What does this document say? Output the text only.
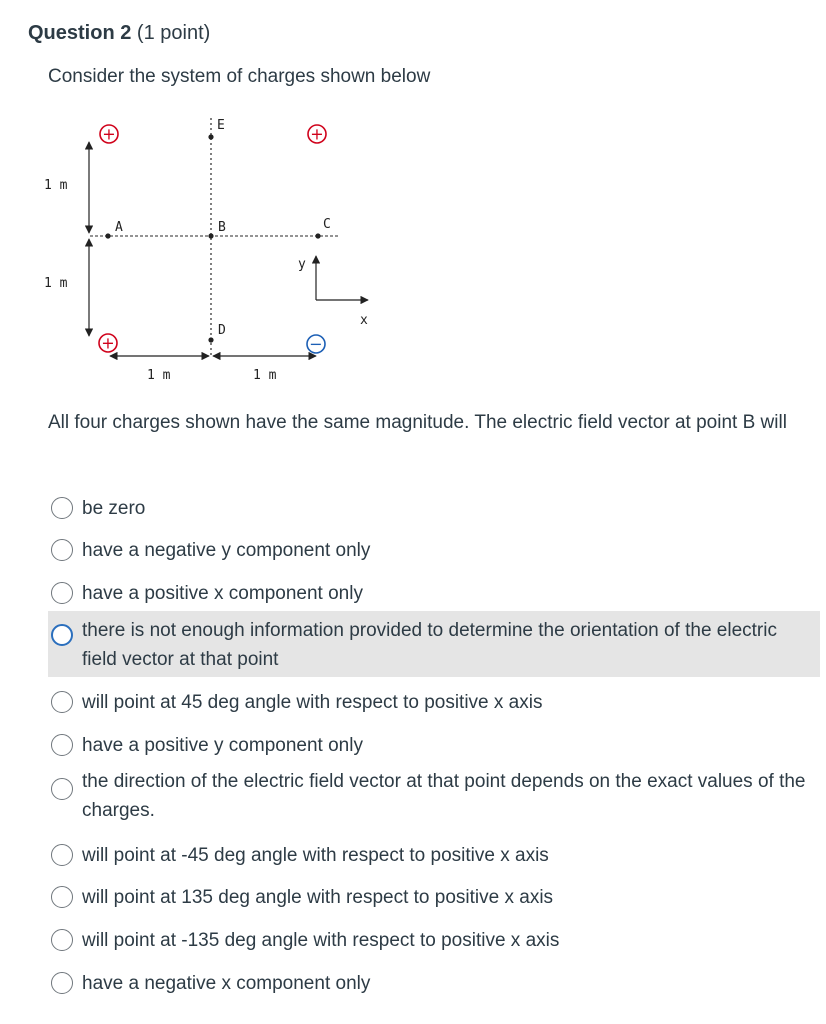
Question 2 (1 point)
Consider the system of charges shown below
A	B	C
E
D
+	+
+	−
1 m
1 m
1 m	1 m
y
x
All four charges shown have the same magnitude. The electric field vector at point B will
be zero
have a negative y component only
have a positive x component only
there is not enough information provided to determine the orientation of the electric field vector at that point
will point at 45 deg angle with respect to positive x axis
have a positive y component only
the direction of the electric field vector at that point depends on the exact values of the charges.
will point at -45 deg angle with respect to positive x axis
will point at 135 deg angle with respect to positive x axis
will point at -135 deg angle with respect to positive x axis
have a negative x component only
